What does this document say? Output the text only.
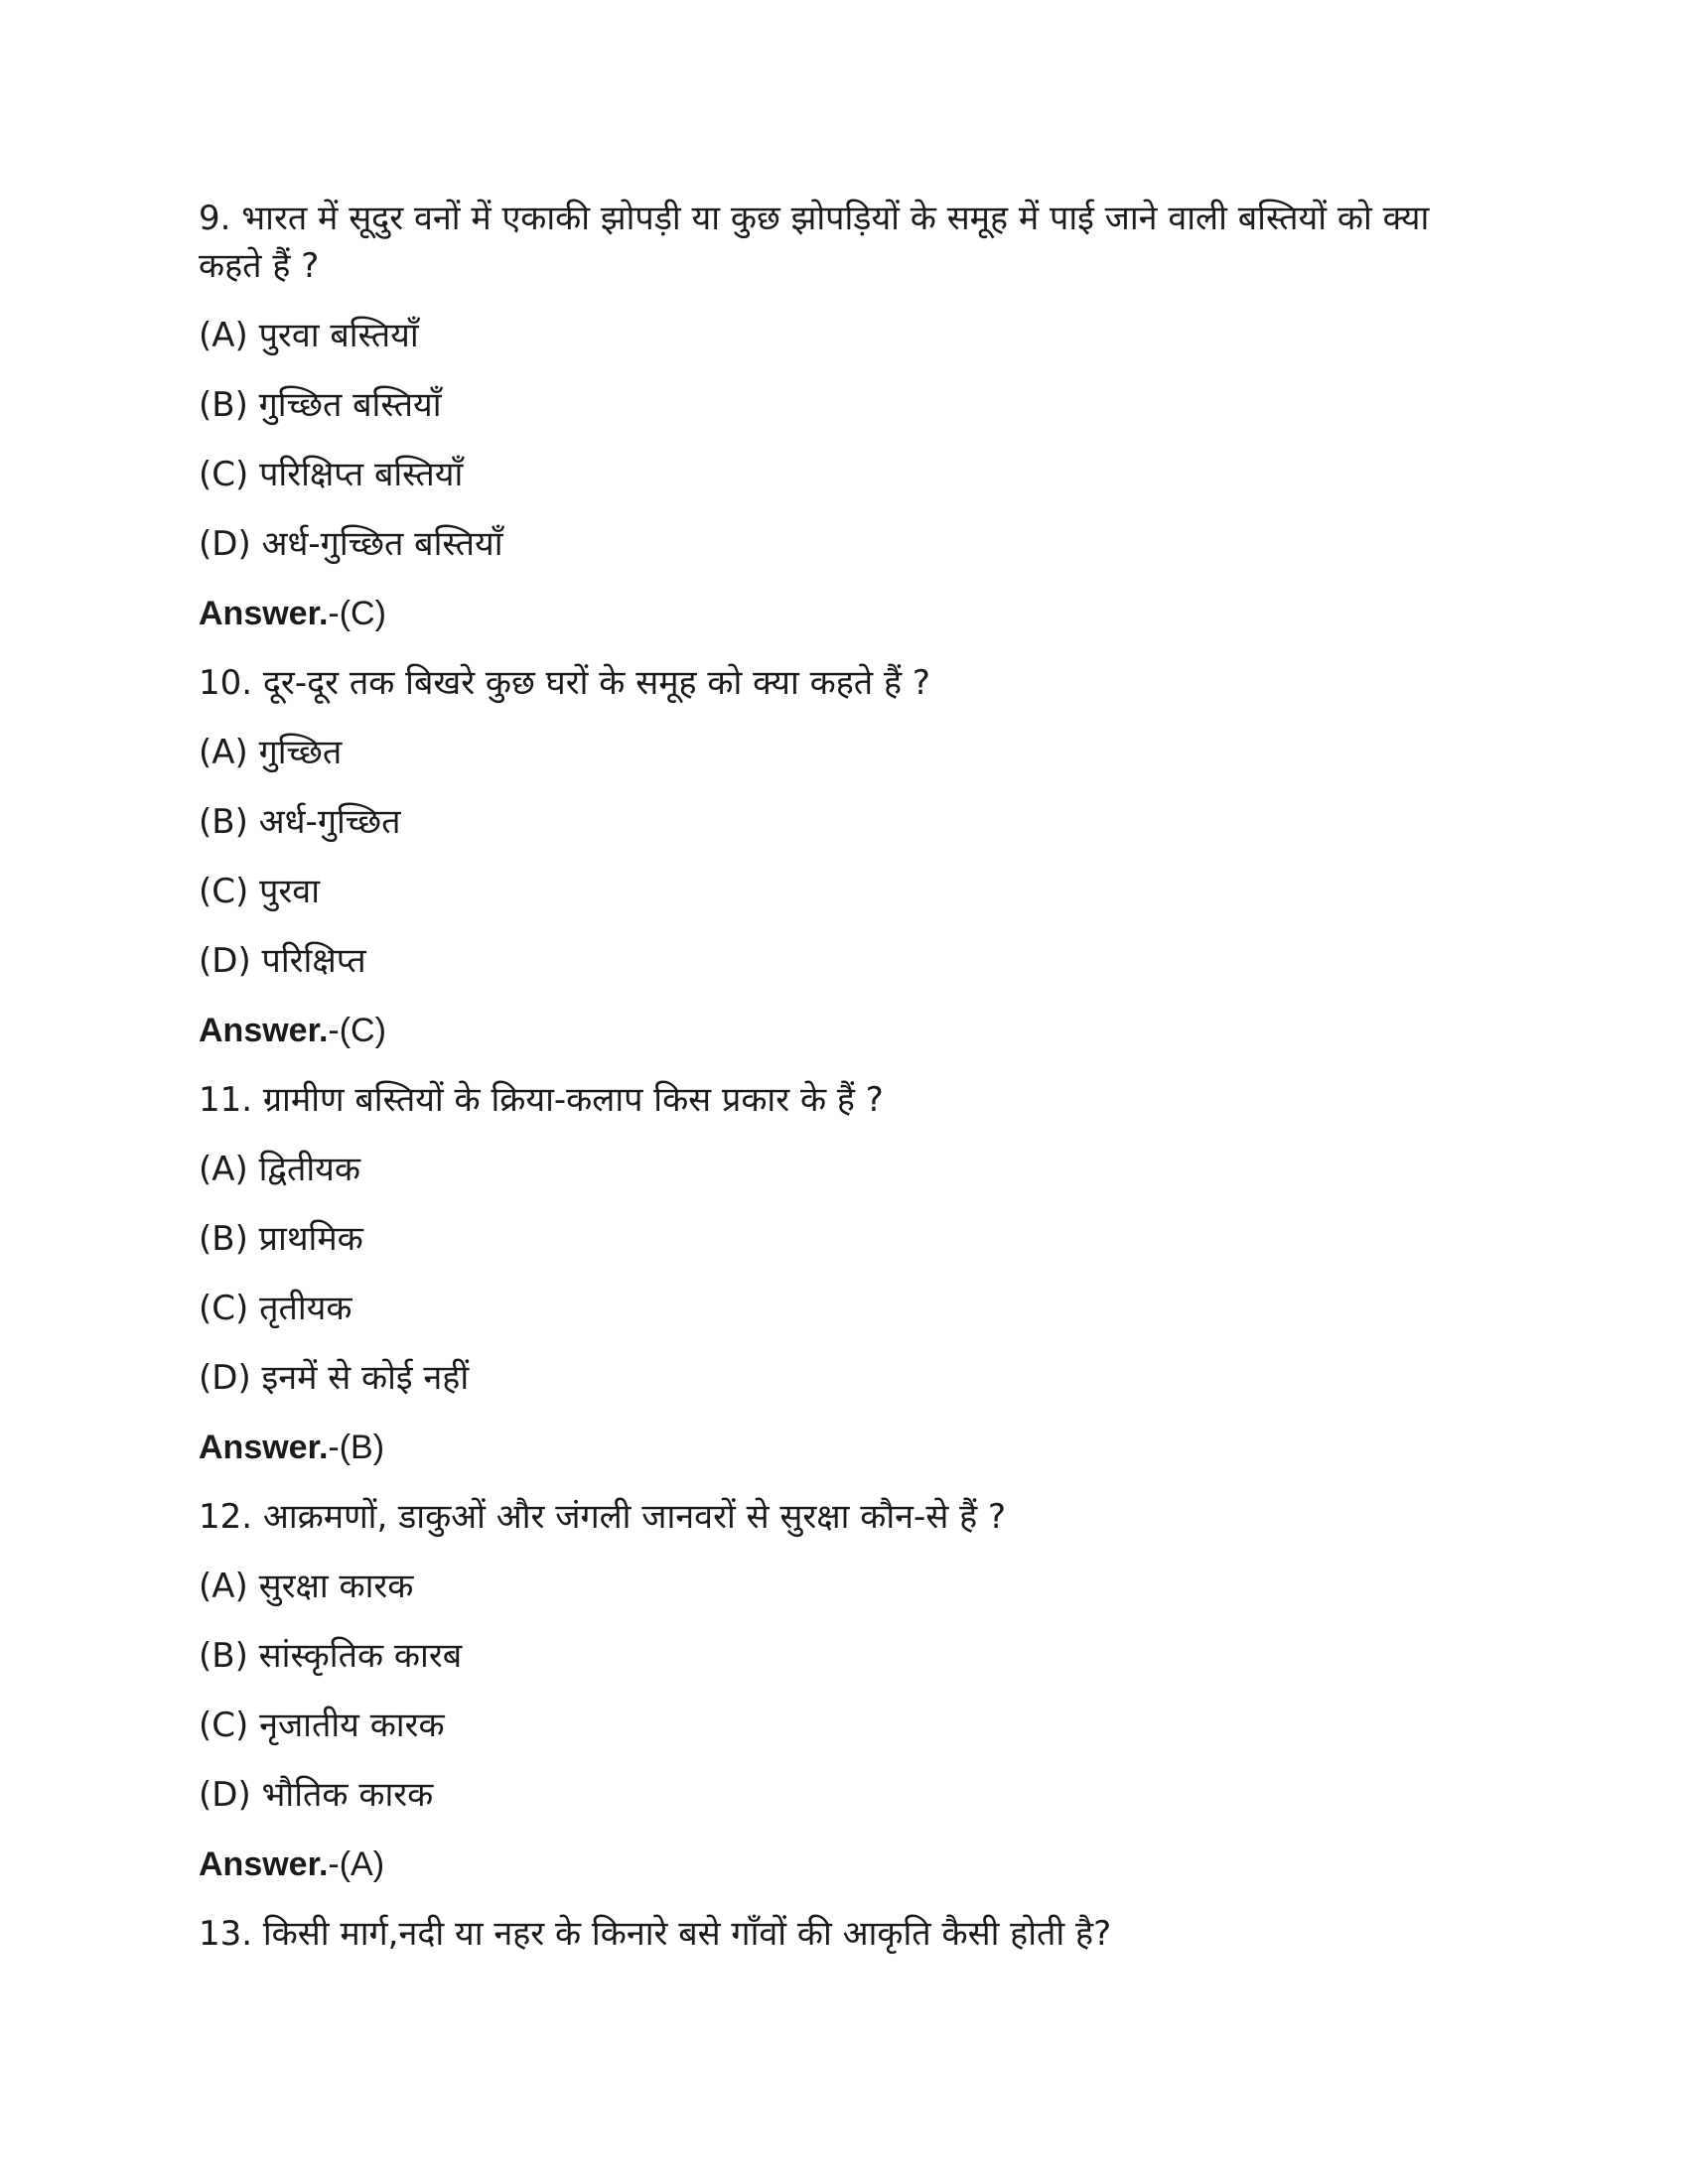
9. भारत में सूदुर वनों में एकाकी झोपड़ी या कुछ झोपड़ियों के समूह में पाई जाने वाली बस्तियों को क्या कहते हैं ?
(A) पुरवा बस्तियाँ
(B) गुच्छित बस्तियाँ
(C) परिक्षिप्त बस्तियाँ
(D) अर्ध-गुच्छित बस्तियाँ
Answer.-(C)
10. दूर-दूर तक बिखरे कुछ घरों के समूह को क्या कहते हैं ?
(A) गुच्छित
(B) अर्ध-गुच्छित
(C) पुरवा
(D) परिक्षिप्त
Answer.-(C)
11. ग्रामीण बस्तियों के क्रिया-कलाप किस प्रकार के हैं ?
(A) द्वितीयक
(B) प्राथमिक
(C) तृतीयक
(D) इनमें से कोई नहीं
Answer.-(B)
12. आक्रमणों, डाकुओं और जंगली जानवरों से सुरक्षा कौन-से हैं ?
(A) सुरक्षा कारक
(B) सांस्कृतिक कारब
(C) नृजातीय कारक
(D) भौतिक कारक
Answer.-(A)
13. किसी मार्ग,नदी या नहर के किनारे बसे गाँवों की आकृति कैसी होती है?
